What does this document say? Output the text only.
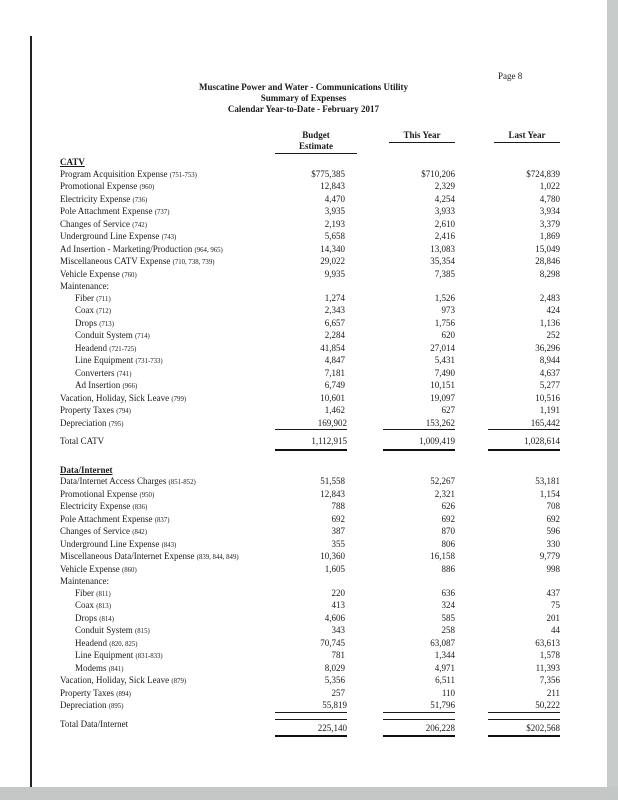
Page 8
Muscatine Power and Water - Communications Utility
Summary of Expenses
Calendar Year-to-Date - February 2017
Budget
Estimate
This Year	Last Year
CATV
Program Acquisition Expense (751-753)	$775,385	$710,206	$724,839
Promotional Expense (960)	12,843	2,329	1,022
Electricity Expense (736)	4,470	4,254	4,780
Pole Attachment Expense (737)	3,935	3,933	3,934
Changes of Service (742)	2,193	2,610	3,379
Underground Line Expense (743)	5,658	2,416	1,869
Ad Insertion - Marketing/Production (964, 965)	14,340	13,083	15,049
Miscellaneous CATV Expense (710, 738, 739)	29,022	35,354	28,846
Vehicle Expense (760)	9,935	7,385	8,298
Maintenance:
Fiber (711)	1,274	1,526	2,483
Coax (712)	2,343	973	424
Drops (713)	6,657	1,756	1,136
Conduit System (714)	2,284	620	252
Headend (721-725)	41,854	27,014	36,296
Line Equipment (731-733)	4,847	5,431	8,944
Converters (741)	7,181	7,490	4,637
Ad Insertion (966)	6,749	10,151	5,277
Vacation, Holiday, Sick Leave (799)	10,601	19,097	10,516
Property Taxes (794)	1,462	627	1,191
Depreciation (795)	169,902	153,262	165,442
Total CATV	1,112,915	1,009,419	1,028,614
Data/Internet
Data/Internet Access Charges (851-852)	51,558	52,267	53,181
Promotional Expense (950)	12,843	2,321	1,154
Electricity Expense (836)	788	626	708
Pole Attachment Expense (837)	692	692	692
Changes of Service (842)	387	870	596
Underground Line Expense (843)	355	806	330
Miscellaneous Data/Internet Expense (839, 844, 849)	10,360	16,158	9,779
Vehicle Expense (860)	1,605	886	998
Maintenance:
Fiber (811)	220	636	437
Coax (813)	413	324	75
Drops (814)	4,606	585	201
Conduit System (815)	343	258	44
Headend (820, 825)	70,745	63,087	63,613
Line Equipment (831-833)	781	1,344	1,578
Modems (841)	8,029	4,971	11,393
Vacation, Holiday, Sick Leave (879)	5,356	6,511	7,356
Property Taxes (894)	257	110	211
Depreciation (895)	55,819	51,796	50,222
Total Data/Internet	225,140	206,228	$202,568
